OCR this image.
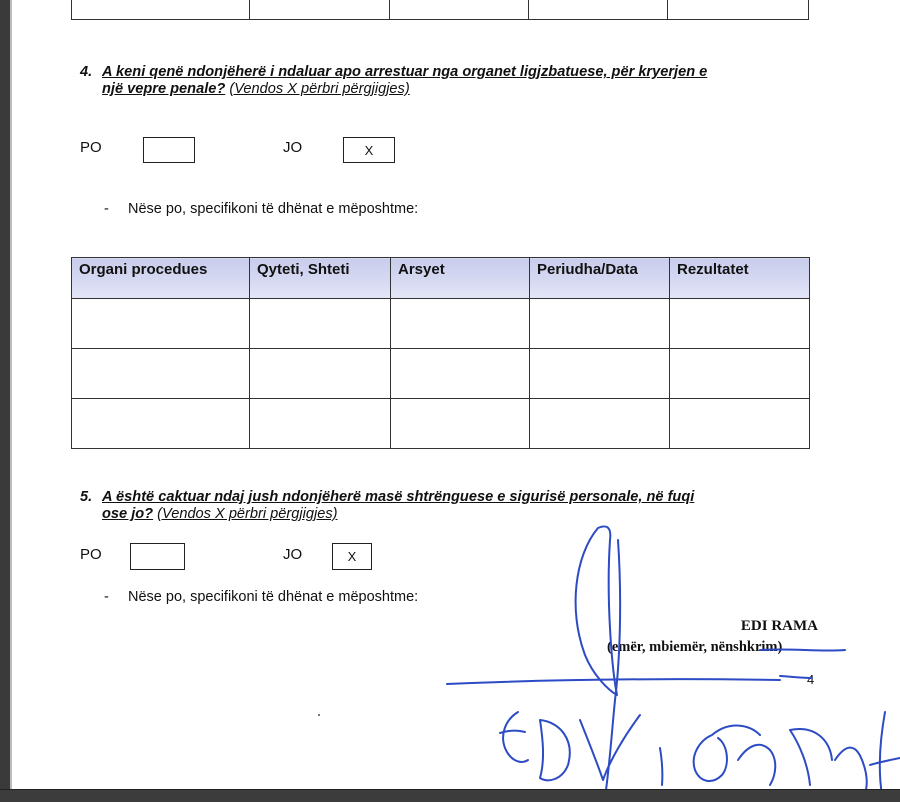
4. A keni qenë ndonjëherë i ndaluar apo arrestuar nga organet ligjzbatuese, për kryerjen e
një vepre penale? (Vendos X përbri përgjigjes)
PO	JO	X
- Nëse po, specifikoni të dhënat e mëposhtme:
Organi procedues	Qyteti, Shteti	Arsyet	Periudha/Data	Rezultatet

5. A është caktuar ndaj jush ndonjëherë masë shtrënguese e sigurisë personale, në fuqi
ose jo? (Vendos X përbri përgjigjes)
PO	JO	X
- Nëse po, specifikoni të dhënat e mëposhtme:
EDI RAMA
(emër, mbiemër, nënshkrim)
4
